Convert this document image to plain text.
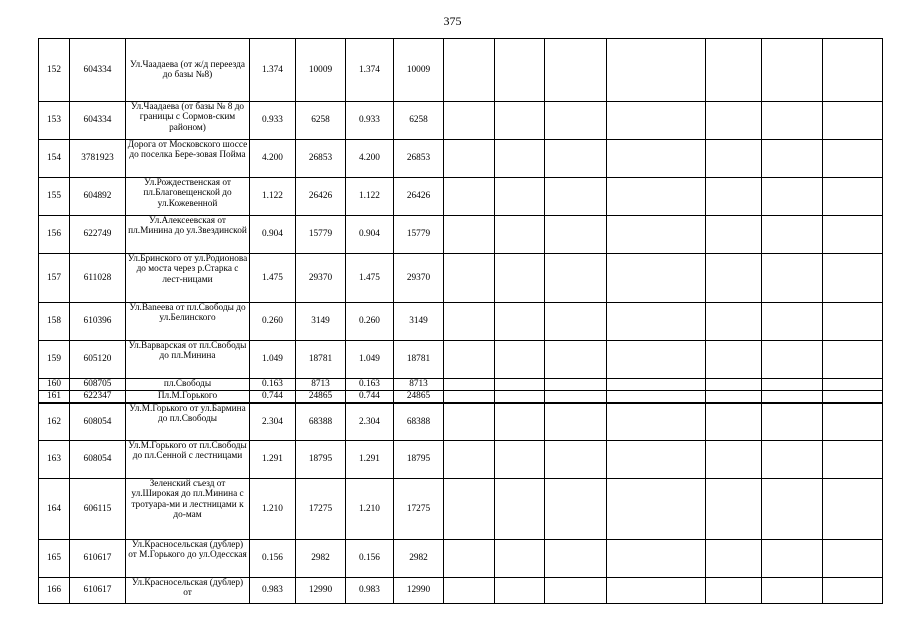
375
152	604334	Ул.Чаадаева (от ж/д переезда до базы №8)	1.374	10009	1.374	10009							
153	604334	Ул.Чаадаева (от базы № 8 до границы с Сормов-ским районом)	0.933	6258	0.933	6258							
154	3781923	Дорога от Московского шоссе до поселка Бере-зовая Пойма	4.200	26853	4.200	26853							
155	604892	Ул.Рождественская от пл.Благовещенской до ул.Кожевенной	1.122	26426	1.122	26426							
156	622749	Ул.Алексеевская от пл.Минина до ул.Звездинской	0.904	15779	0.904	15779							
157	611028	Ул.Бринского от ул.Родионова до моста через р.Старка с лест-ницами	1.475	29370	1.475	29370							
158	610396	Ул.Ваneева от пл.Свободы до ул.Белинского	0.260	3149	0.260	3149							
159	605120	Ул.Варварская от пл.Свободы до пл.Минина	1.049	18781	1.049	18781							
160	608705	пл.Свободы	0.163	8713	0.163	8713							
161	622347	Пл.М.Горького	0.744	24865	0.744	24865							
162	608054	Ул.М.Горького от ул.Бармина до пл.Свободы	2.304	68388	2.304	68388							
163	608054	Ул.М.Горького от пл.Свободы до пл.Сенной с лестницами	1.291	18795	1.291	18795							
164	606115	Зеленский съезд от ул.Широкая до пл.Минина с тротуара-ми и лестницами к до-мам	1.210	17275	1.210	17275							
165	610617	Ул.Красносельская (дублер) от М.Горького до ул.Одесская	0.156	2982	0.156	2982							
166	610617	Ул.Красносельская (дублер) от	0.983	12990	0.983	12990							
